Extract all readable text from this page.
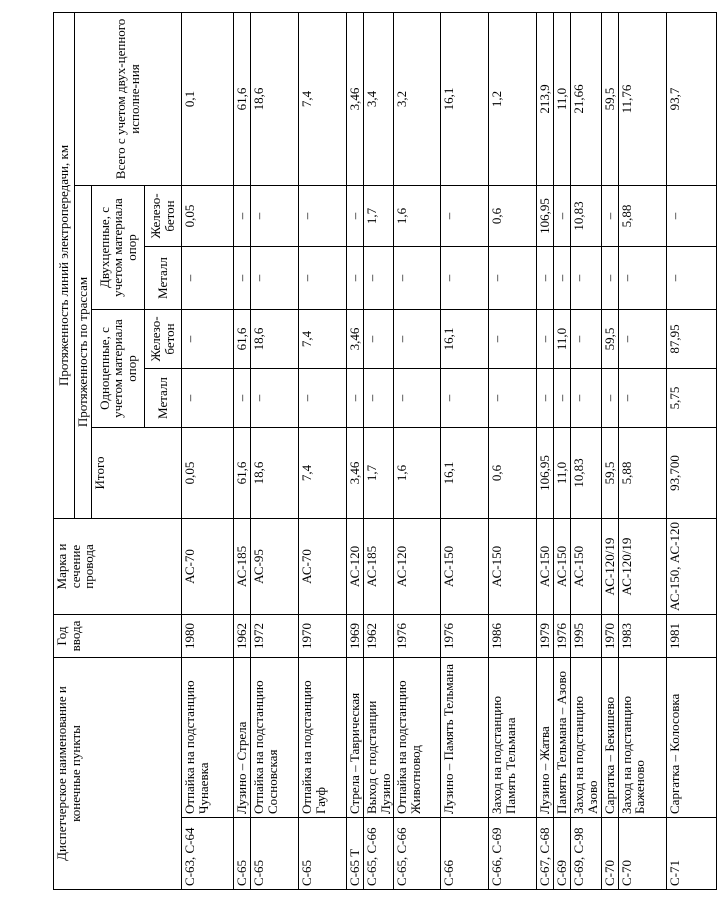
Диспетчерское наименование и конечные пункты		Год ввода	Марка и сечение провода	Протяженность линий электропередачи, км					
				Протяженность по трассам					Всего с учетом двух-цепного исполне-ния
				Итого	Одноцепные, с учетом материала опор		Двухцепные, с учетом материала опор		
					Металл	Железо-бетон	Металл	Железо-бетон	
С-63, С-64	Отпайка на подстанцию Чунаевка	1980	АС-70	0,05	–	–	–	0,05	0,1
С-65	Лузино – Стрела	1962	АС-185	61,6	–	61,6	–	–	61,6
С-65	Отпайка на подстанцию Сосновская	1972	АС-95	18,6	–	18,6	–	–	18,6
С-65	Отпайка на подстанцию Гауф	1970	АС-70	7,4	–	7,4	–	–	7,4
С-65 Т	Стрела – Таврическая	1969	АС-120	3,46	–	3,46	–	–	3,46
С-65, С-66	Выход с подстанции Лузино	1962	АС-185	1,7	–	–	–	1,7	3,4
С-65, С-66	Отпайка на подстанцию Животновод	1976	АС-120	1,6	–	–	–	1,6	3,2
С-66	Лузино – Память Тельмана	1976	АС-150	16,1	–	16,1	–	–	16,1
С-66, С-69	Заход на подстанцию Память Тельмана	1986	АС-150	0,6	–	–	–	0,6	1,2
С-67, С-68	Лузино – Жатва	1979	АС-150	106,95	–	–	–	106,95	213,9
С-69	Память Тельмана – Азово	1976	АС-150	11,0	–	11,0	–	–	11,0
С-69, С-98	Заход на подстанцию Азово	1995	АС-150	10,83	–	–	–	10,83	21,66
С-70	Саргатка – Бекишево	1970	АС-120/19	59,5	–	59,5	–	–	59,5
С-70	Заход на подстанцию Баженово	1983	АС-120/19	5,88	–	–	–	5,88	11,76
С-71	Саргатка – Колосовка	1981	АС-150, АС-120	93,700	5,75	87,95	–	–	93,7
